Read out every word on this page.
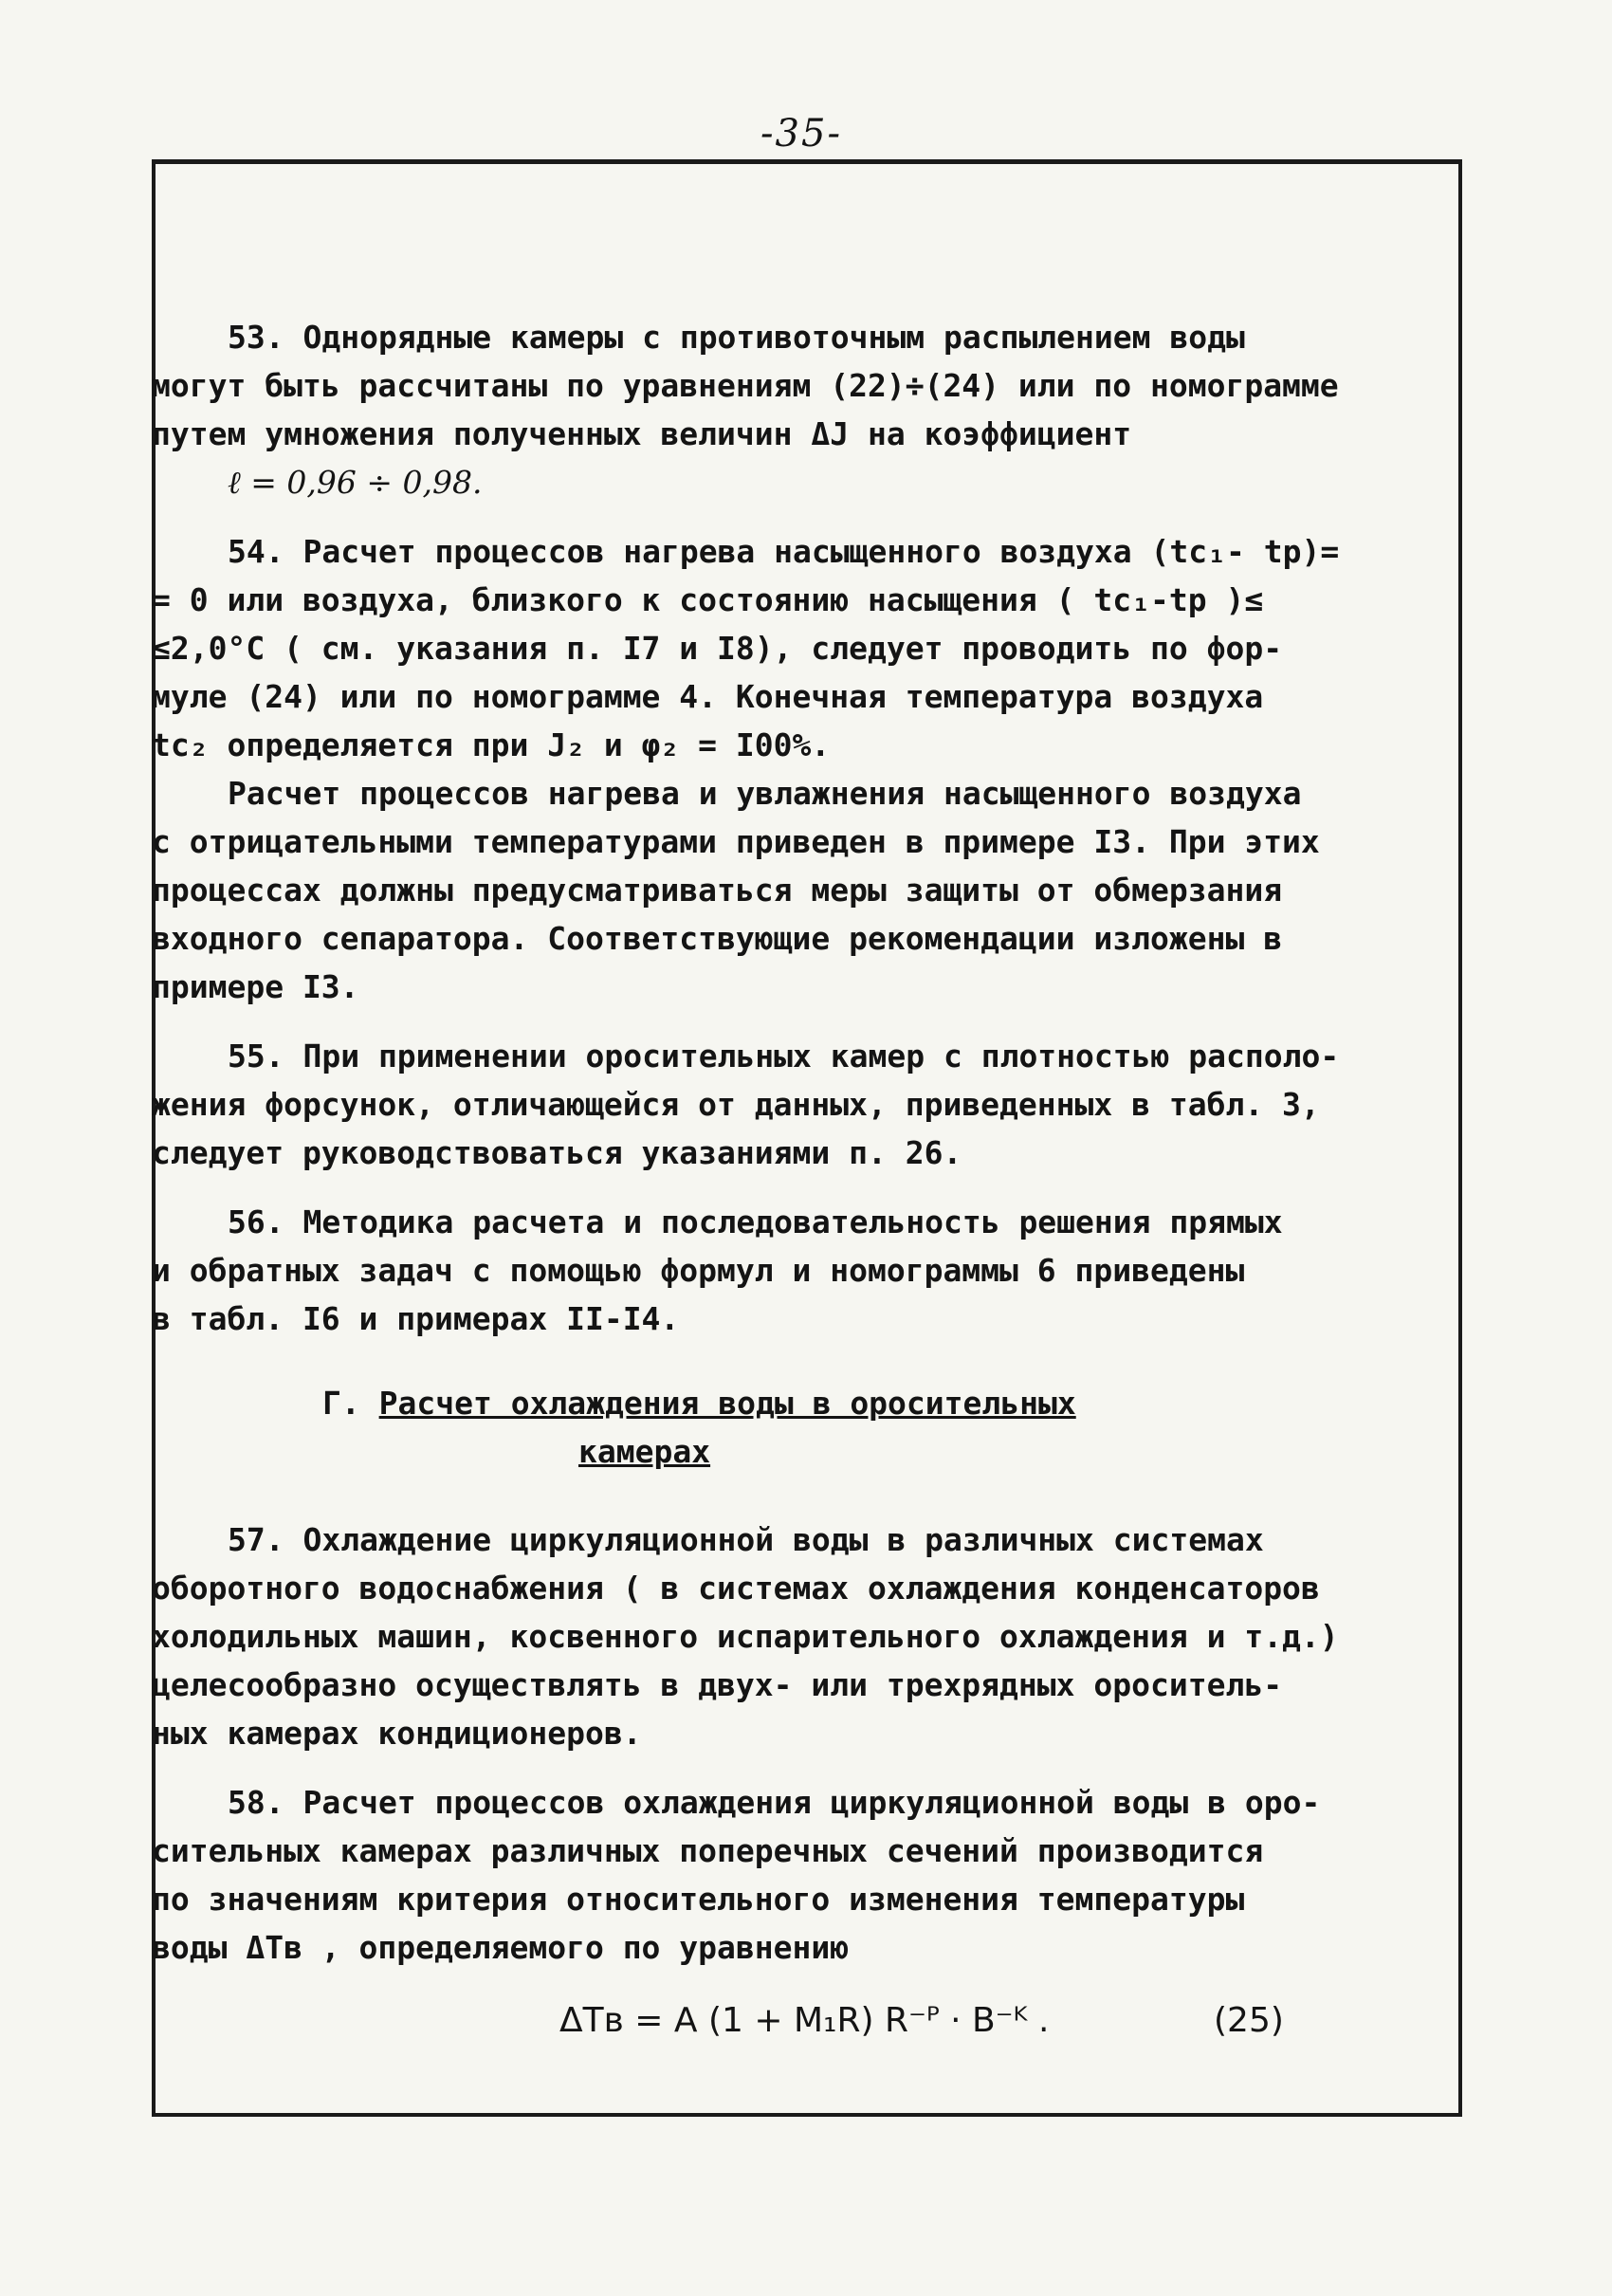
-35-

53. Однорядные камеры с противоточным распылением воды
могут быть рассчитаны по уравнениям (22)÷(24) или по номограмме
путем умножения полученных величин ΔJ на коэффициент
ℓ = 0,96 ÷ 0,98.

54. Расчет процессов нагрева насыщенного воздуха (tc₁- tр)=
= 0 или воздуха, близкого к состоянию насыщения ( tc₁-tр )≤
≤2,0°C ( см. указания п. I7 и I8), следует проводить по фор-
муле (24) или по номограмме 4. Конечная температура воздуха
tc₂ определяется при J₂ и φ₂ = I00%.
Расчет процессов нагрева и увлажнения насыщенного воздуха
с отрицательными температурами приведен в примере I3. При этих
процессах должны предусматриваться меры защиты от обмерзания
входного сепаратора. Соответствующие рекомендации изложены в
примере I3.

55. При применении оросительных камер с плотностью располо-
жения форсунок, отличающейся от данных, приведенных в табл. 3,
следует руководствоваться указаниями п. 26.

56. Методика расчета и последовательность решения прямых
и обратных задач с помощью формул и номограммы 6 приведены
в табл. I6 и примерах II-I4.

Г. Расчет охлаждения воды в оросительных
камерах

57. Охлаждение циркуляционной воды в различных системах
оборотного водоснабжения ( в системах охлаждения конденсаторов
холодильных машин, косвенного испарительного охлаждения и т.д.)
целесообразно осуществлять в двух- или трехрядных ороситель-
ных камерах кондиционеров.

58. Расчет процессов охлаждения циркуляционной воды в оро-
сительных камерах различных поперечных сечений производится
по значениям критерия относительного изменения температуры
воды ΔTв , определяемого по уравнению

ΔTв = A (1 + M₁R) R⁻ᴾ · B⁻ᴷ .	(25)
